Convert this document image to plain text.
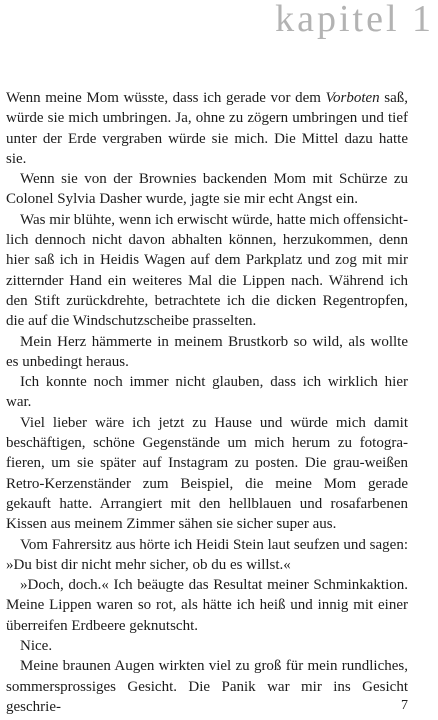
kapitel 1

Wenn meine Mom wüsste, dass ich gerade vor dem Vorboten saß, würde sie mich umbringen. Ja, ohne zu zögern umbringen und tief unter der Erde vergraben würde sie mich. Die Mittel dazu hatte sie.

Wenn sie von der Brownies backenden Mom mit Schürze zu Colonel Sylvia Dasher wurde, jagte sie mir echt Angst ein.

Was mir blühte, wenn ich erwischt würde, hatte mich offensichtlich dennoch nicht davon abhalten können, herzukommen, denn hier saß ich in Heidis Wagen auf dem Parkplatz und zog mit mir zitternder Hand ein weiteres Mal die Lippen nach. Während ich den Stift zurückdrehte, betrachtete ich die dicken Regentropfen, die auf die Windschutzscheibe prasselten.

Mein Herz hämmerte in meinem Brustkorb so wild, als wollte es unbedingt heraus.

Ich konnte noch immer nicht glauben, dass ich wirklich hier war.

Viel lieber wäre ich jetzt zu Hause und würde mich damit beschäftigen, schöne Gegenstände um mich herum zu fotografieren, um sie später auf Instagram zu posten. Die grau-weißen Retro-Kerzenständer zum Beispiel, die meine Mom gerade gekauft hatte. Arrangiert mit den hellblauen und rosafarbenen Kissen aus meinem Zimmer sähen sie sicher super aus.

Vom Fahrersitz aus hörte ich Heidi Stein laut seufzen und sagen: »Du bist dir nicht mehr sicher, ob du es willst.«

»Doch, doch.« Ich beäugte das Resultat meiner Schminkaktion. Meine Lippen waren so rot, als hätte ich heiß und innig mit einer überreifen Erdbeere geknutscht.

Nice.

Meine braunen Augen wirkten viel zu groß für mein rundliches, sommersprossiges Gesicht. Die Panik war mir ins Gesicht geschrie-	7
